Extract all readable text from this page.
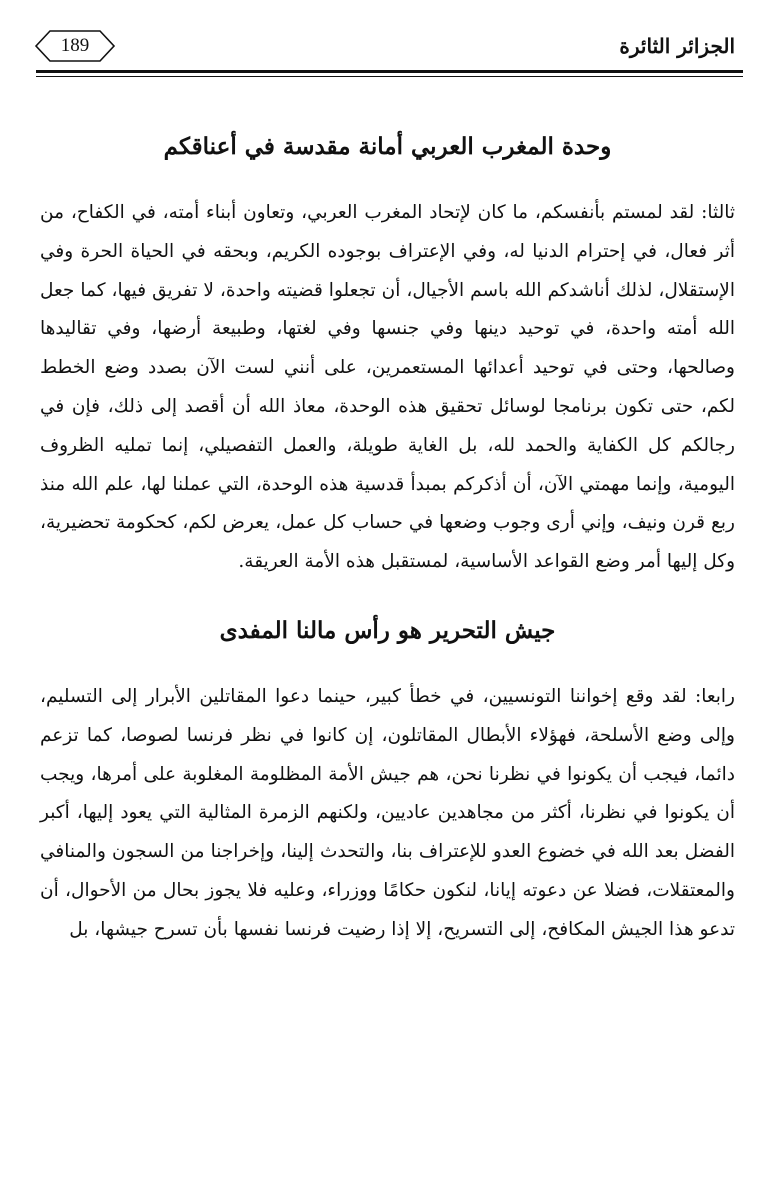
الجزائر الثائرة
189
وحدة المغرب العربي أمانة مقدسة في أعناقكم

ثالثا: لقد لمستم بأنفسكم، ما كان لإتحاد المغرب العربي، وتعاون أبناء أمته، في الكفاح، من أثر فعال، في إحترام الدنيا له، وفي الإعتراف بوجوده الكريم، وبحقه في الحياة الحرة وفي الإستقلال، لذلك أناشدكم الله باسم الأجيال، أن تجعلوا قضيته واحدة، لا تفريق فيها، كما جعل الله أمته واحدة، في توحيد دينها وفي جنسها وفي لغتها، وطبيعة أرضها، وفي تقاليدها وصالحها، وحتى في توحيد أعدائها المستعمرين، على أنني لست الآن بصدد وضع الخطط لكم، حتى تكون برنامجا لوسائل تحقيق هذه الوحدة، معاذ الله أن أقصد إلى ذلك، فإن في رجالكم كل الكفاية والحمد لله، بل الغاية طويلة، والعمل التفصيلي، إنما تمليه الظروف اليومية، وإنما مهمتي الآن، أن أذكركم بمبدأ قدسية هذه الوحدة، التي عملنا لها، علم الله منذ ربع قرن ونيف، وإني أرى وجوب وضعها في حساب كل عمل، يعرض لكم، كحكومة تحضيرية، وكل إليها أمر وضع القواعد الأساسية، لمستقبل هذه الأمة العريقة.

جيش التحرير هو رأس مالنا المفدى

رابعا: لقد وقع إخواننا التونسيين، في خطأ كبير، حينما دعوا المقاتلين الأبرار إلى التسليم، وإلى وضع الأسلحة، فهؤلاء الأبطال المقاتلون، إن كانوا في نظر فرنسا لصوصا، كما تزعم دائما، فيجب أن يكونوا في نظرنا نحن، هم جيش الأمة المظلومة المغلوبة على أمرها، ويجب أن يكونوا في نظرنا، أكثر من مجاهدين عاديين، ولكنهم الزمرة المثالية التي يعود إليها، أكبر الفضل بعد الله في خضوع العدو للإعتراف بنا، والتحدث إلينا، وإخراجنا من السجون والمنافي والمعتقلات، فضلا عن دعوته إيانا، لنكون حكامًا ووزراء، وعليه فلا يجوز بحال من الأحوال، أن تدعو هذا الجيش المكافح، إلى التسريح، إلا إذا رضيت فرنسا نفسها بأن تسرح جيشها، بل
